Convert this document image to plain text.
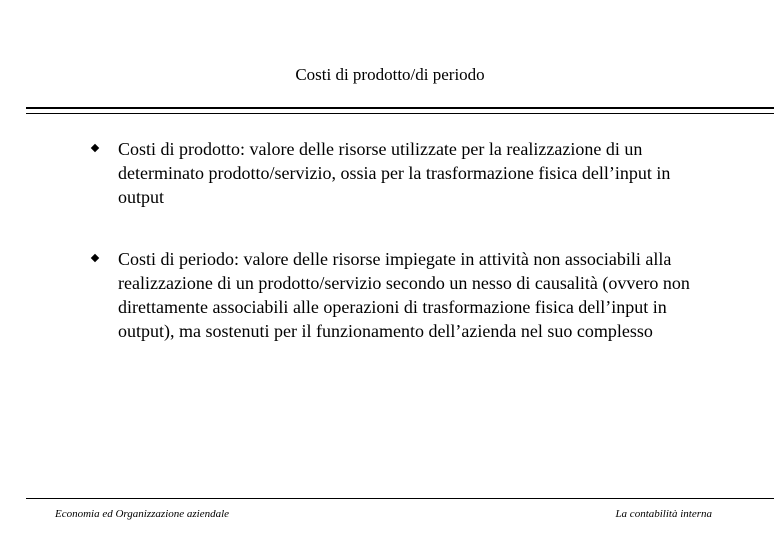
Costi di prodotto/di periodo

Costi di prodotto: valore delle risorse utilizzate per la realizzazione di un determinato prodotto/servizio, ossia per la trasformazione fisica dell’input in output

Costi di periodo: valore delle risorse impiegate in attività non associabili alla realizzazione di un prodotto/servizio secondo un nesso di causalità (ovvero non direttamente associabili alle operazioni di trasformazione fisica dell’input in output), ma sostenuti per il funzionamento dell’azienda nel suo complesso

Economia ed Organizzazione aziendale	La contabilità interna
